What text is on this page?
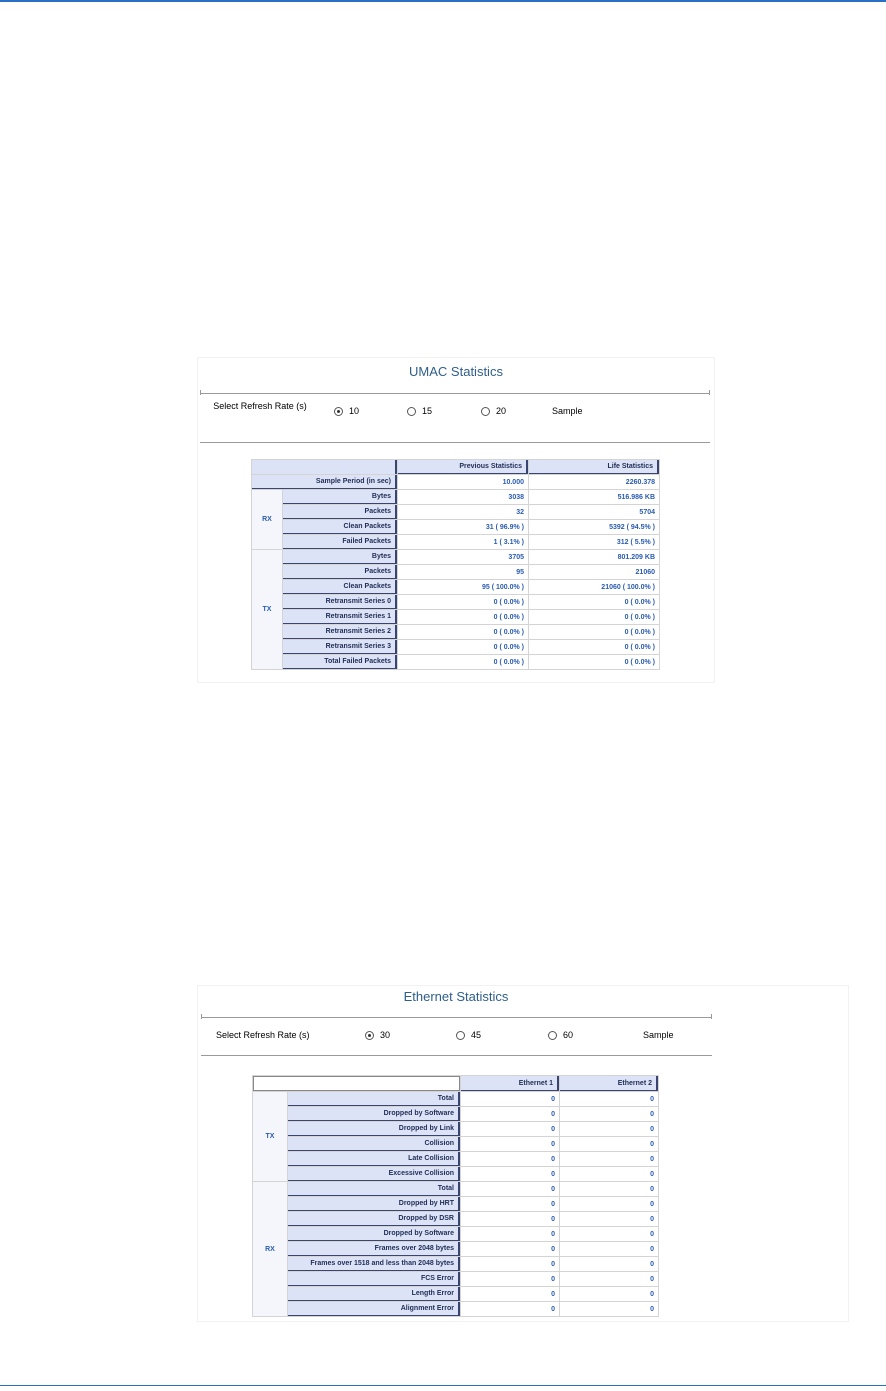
UMAC Statistics
Select Refresh Rate (s)	10	15	20	Sample
		Previous Statistics	Life Statistics
Sample Period (in sec)		10.000	2260.378
RX	Bytes	3038	516.986 KB
	Packets	32	5704
	Clean Packets	31 ( 96.9% )	5392 ( 94.5% )
	Failed Packets	1 ( 3.1% )	312 ( 5.5% )
TX	Bytes	3705	801.209 KB
	Packets	95	21060
	Clean Packets	95 ( 100.0% )	21060 ( 100.0% )
	Retransmit Series 0	0 ( 0.0% )	0 ( 0.0% )
	Retransmit Series 1	0 ( 0.0% )	0 ( 0.0% )
	Retransmit Series 2	0 ( 0.0% )	0 ( 0.0% )
	Retransmit Series 3	0 ( 0.0% )	0 ( 0.0% )
	Total Failed Packets	0 ( 0.0% )	0 ( 0.0% )
Ethernet Statistics
Select Refresh Rate (s)	30	45	60	Sample
		Ethernet 1	Ethernet 2
TX	Total	0	0
	Dropped by Software	0	0
	Dropped by Link	0	0
	Collision	0	0
	Late Collision	0	0
	Excessive Collision	0	0
RX	Total	0	0
	Dropped by HRT	0	0
	Dropped by DSR	0	0
	Dropped by Software	0	0
	Frames over 2048 bytes	0	0
	Frames over 1518 and less than 2048 bytes	0	0
	FCS Error	0	0
	Length Error	0	0
	Alignment Error	0	0
